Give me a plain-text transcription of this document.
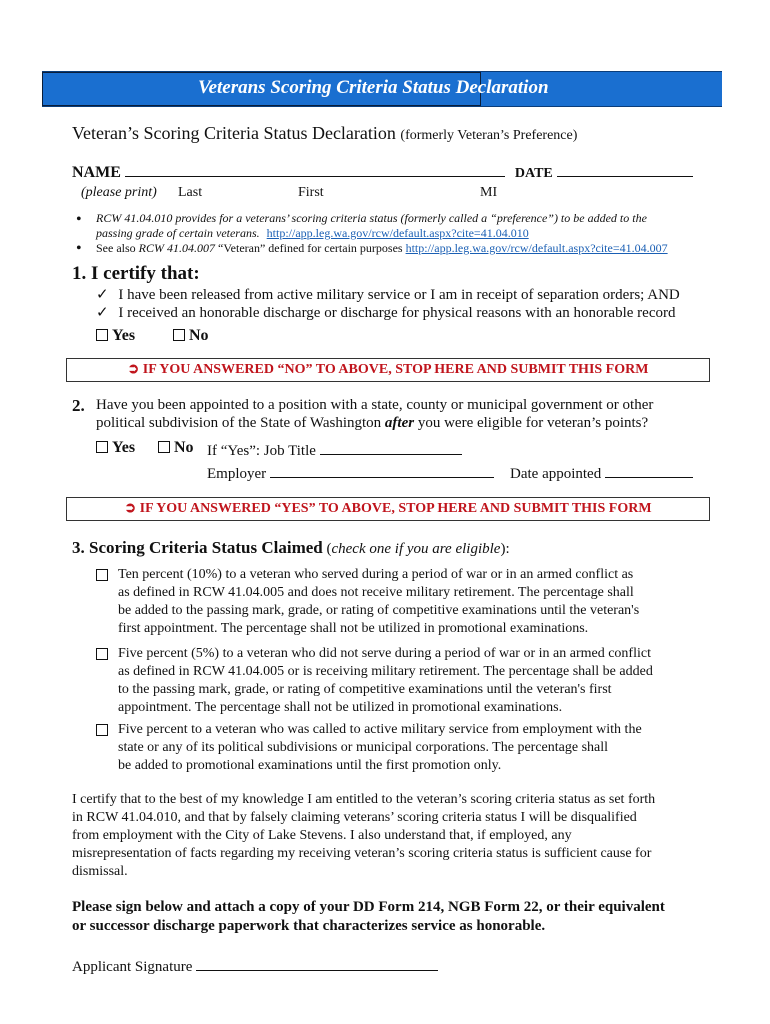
Veterans Scoring Criteria Status Declaration
Veteran’s Scoring Criteria Status Declaration (formerly Veteran’s Preference)
NAME	DATE
(please print) Last	First	MI
• RCW 41.04.010 provides for a veterans’ scoring criteria status (formerly called a “preference”) to be added to the
passing grade of certain veterans. http://app.leg.wa.gov/rcw/default.aspx?cite=41.04.010
• See also RCW 41.04.007 “Veteran” defined for certain purposes http://app.leg.wa.gov/rcw/default.aspx?cite=41.04.007
1. I certify that:
✓ I have been released from active military service or I am in receipt of separation orders; AND
✓ I received an honorable discharge or discharge for physical reasons with an honorable record
Yes	No
➲ IF YOU ANSWERED “NO” TO ABOVE, STOP HERE AND SUBMIT THIS FORM
2. Have you been appointed to a position with a state, county or municipal government or other
political subdivision of the State of Washington after you were eligible for veteran’s points?
Yes	No If “Yes”: Job Title
Employer	Date appointed
➲ IF YOU ANSWERED “YES” TO ABOVE, STOP HERE AND SUBMIT THIS FORM
3. Scoring Criteria Status Claimed (check one if you are eligible):
Ten percent (10%) to a veteran who served during a period of war or in an armed conflict as
as defined in RCW 41.04.005 and does not receive military retirement. The percentage shall
be added to the passing mark, grade, or rating of competitive examinations until the veteran's
first appointment. The percentage shall not be utilized in promotional examinations.
Five percent (5%) to a veteran who did not serve during a period of war or in an armed conflict
as defined in RCW 41.04.005 or is receiving military retirement. The percentage shall be added
to the passing mark, grade, or rating of competitive examinations until the veteran's first
appointment. The percentage shall not be utilized in promotional examinations.
Five percent to a veteran who was called to active military service from employment with the
state or any of its political subdivisions or municipal corporations. The percentage shall
be added to promotional examinations until the first promotion only.
I certify that to the best of my knowledge I am entitled to the veteran’s scoring criteria status as set forth
in RCW 41.04.010, and that by falsely claiming veterans’ scoring criteria status I will be disqualified
from employment with the City of Lake Stevens. I also understand that, if employed, any
misrepresentation of facts regarding my receiving veteran’s scoring criteria status is sufficient cause for
dismissal.
Please sign below and attach a copy of your DD Form 214, NGB Form 22, or their equivalent
or successor discharge paperwork that characterizes service as honorable.
Applicant Signature
